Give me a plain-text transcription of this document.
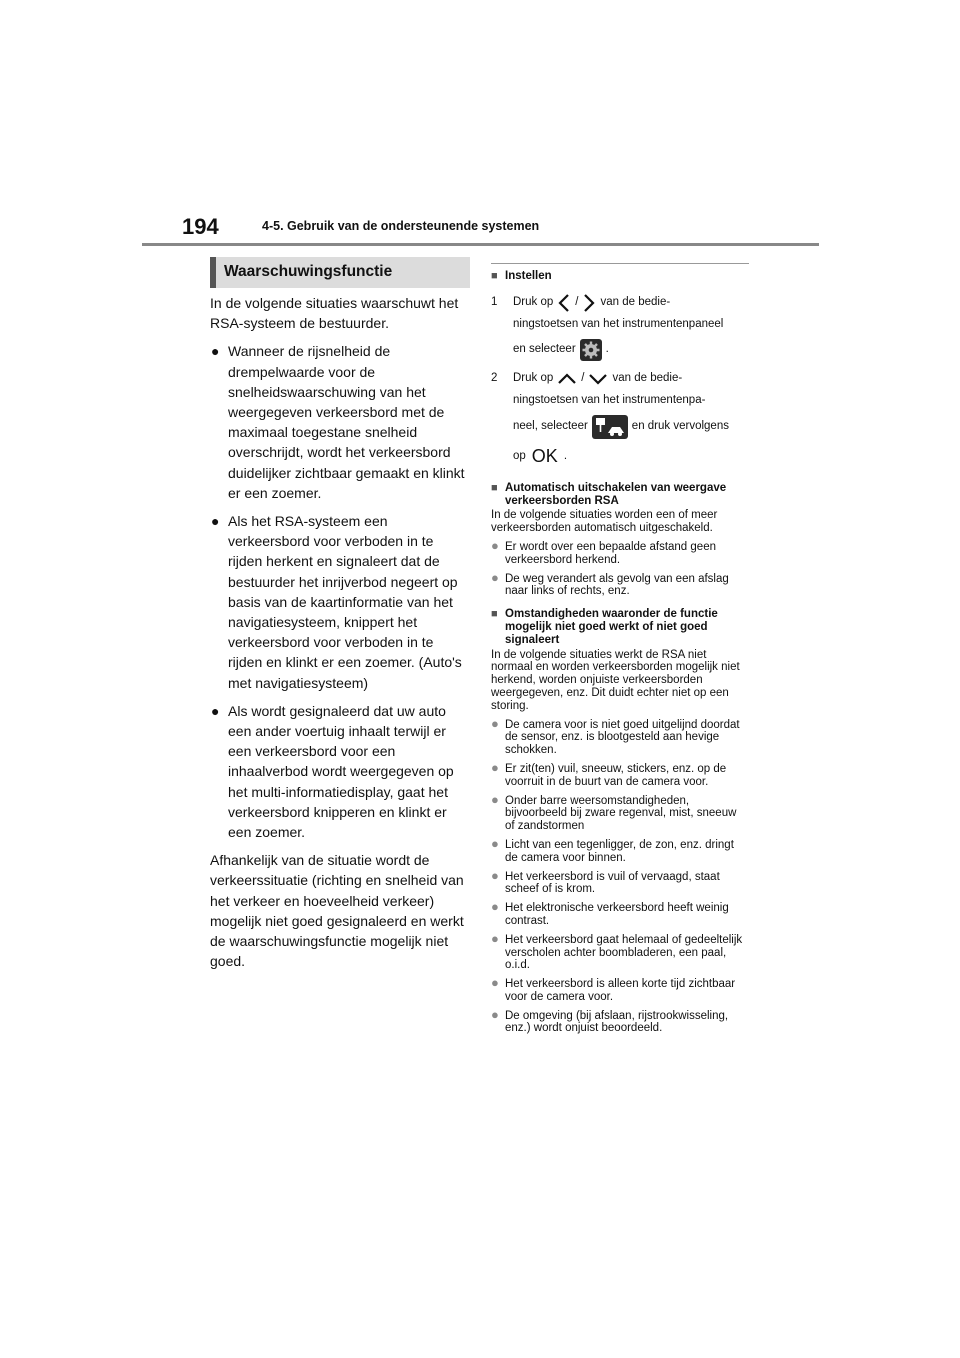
194	4-5. Gebruik van de ondersteunende systemen
Waarschuwingsfunctie

In de volgende situaties waarschuwt het RSA-systeem de bestuurder.

● Wanneer de rijsnelheid de drempelwaarde voor de snelheidswaarschuwing van het weergegeven verkeersbord met de maximaal toegestane snelheid overschrijdt, wordt het verkeersbord duidelijker zichtbaar gemaakt en klinkt er een zoemer.
● Als het RSA-systeem een verkeersbord voor verboden in te rijden herkent en signaleert dat de bestuurder het inrijverbod negeert op basis van de kaartinformatie van het navigatiesysteem, knippert het verkeersbord voor verboden in te rijden en klinkt er een zoemer. (Auto's met navigatiesysteem)
● Als wordt gesignaleerd dat uw auto een ander voertuig inhaalt terwijl er een verkeersbord voor een inhaalverbod wordt weergegeven op het multi-informatiedisplay, gaat het verkeersbord knipperen en klinkt er een zoemer.

Afhankelijk van de situatie wordt de verkeerssituatie (richting en snelheid van het verkeer en hoeveelheid verkeer) mogelijk niet goed gesignaleerd en werkt de waarschuwingsfunctie mogelijk niet goed.

■ Instellen
1 Druk op / van de bedie-
ningstoetsen van het instrumentenpaneel
en selecteer	.
2 Druk op / van de bedie-
ningstoetsen van het instrumentenpa-
neel, selecteer	en druk vervolgens
op OK .
■ Automatisch uitschakelen van weergave verkeersborden RSA

In de volgende situaties worden een of meer verkeersborden automatisch uitgeschakeld.

● Er wordt over een bepaalde afstand geen verkeersbord herkend.
● De weg verandert als gevolg van een afslag naar links of rechts, enz.
■ Omstandigheden waaronder de functie mogelijk niet goed werkt of niet goed signaleert

In de volgende situaties werkt de RSA niet normaal en worden verkeersborden mogelijk niet herkend, worden onjuiste verkeersborden weergegeven, enz. Dit duidt echter niet op een storing.

● De camera voor is niet goed uitgelijnd doordat de sensor, enz. is blootgesteld aan hevige schokken.
● Er zit(ten) vuil, sneeuw, stickers, enz. op de voorruit in de buurt van de camera voor.
● Onder barre weersomstandigheden, bijvoorbeeld bij zware regenval, mist, sneeuw of zandstormen
● Licht van een tegenligger, de zon, enz. dringt de camera voor binnen.
● Het verkeersbord is vuil of vervaagd, staat scheef of is krom.
● Het elektronische verkeersbord heeft weinig contrast.
● Het verkeersbord gaat helemaal of gedeeltelijk verscholen achter boombladeren, een paal, o.i.d.
● Het verkeersbord is alleen korte tijd zichtbaar voor de camera voor.
● De omgeving (bij afslaan, rijstrookwisseling, enz.) wordt onjuist beoordeeld.
